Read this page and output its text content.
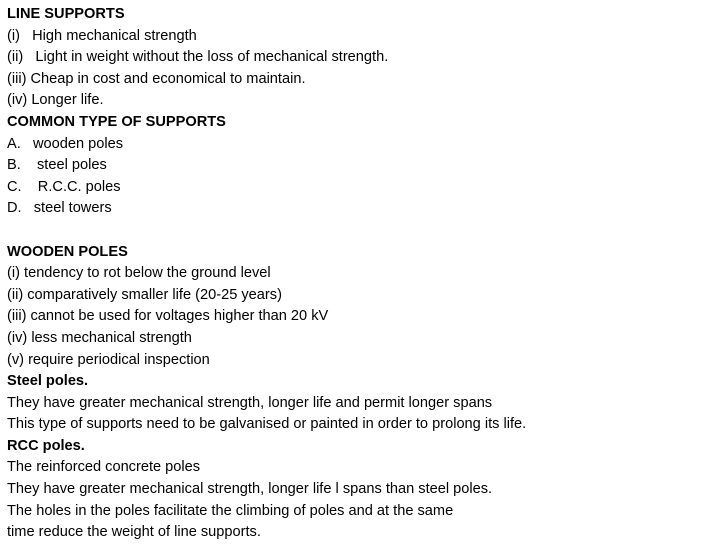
LINE SUPPORTS
(i)   High mechanical strength
(ii)   Light in weight without the loss of mechanical strength.
(iii) Cheap in cost and economical to maintain.
(iv) Longer life.
COMMON TYPE OF SUPPORTS
A.   wooden poles
B.    steel poles
C.    R.C.C. poles
D.   steel towers
WOODEN POLES
(i) tendency to rot below the ground level
(ii) comparatively smaller life (20-25 years)
(iii) cannot be used for voltages higher than 20 kV
(iv) less mechanical strength
(v) require periodical inspection
Steel poles.
They have greater mechanical strength, longer life and permit longer spans
This type of supports need to be galvanised or painted in order to prolong its life.
RCC poles.
The reinforced concrete poles
They have greater mechanical strength, longer life l spans than steel poles.
The holes in the poles facilitate the climbing of poles and at the same
time reduce the weight of line supports.
